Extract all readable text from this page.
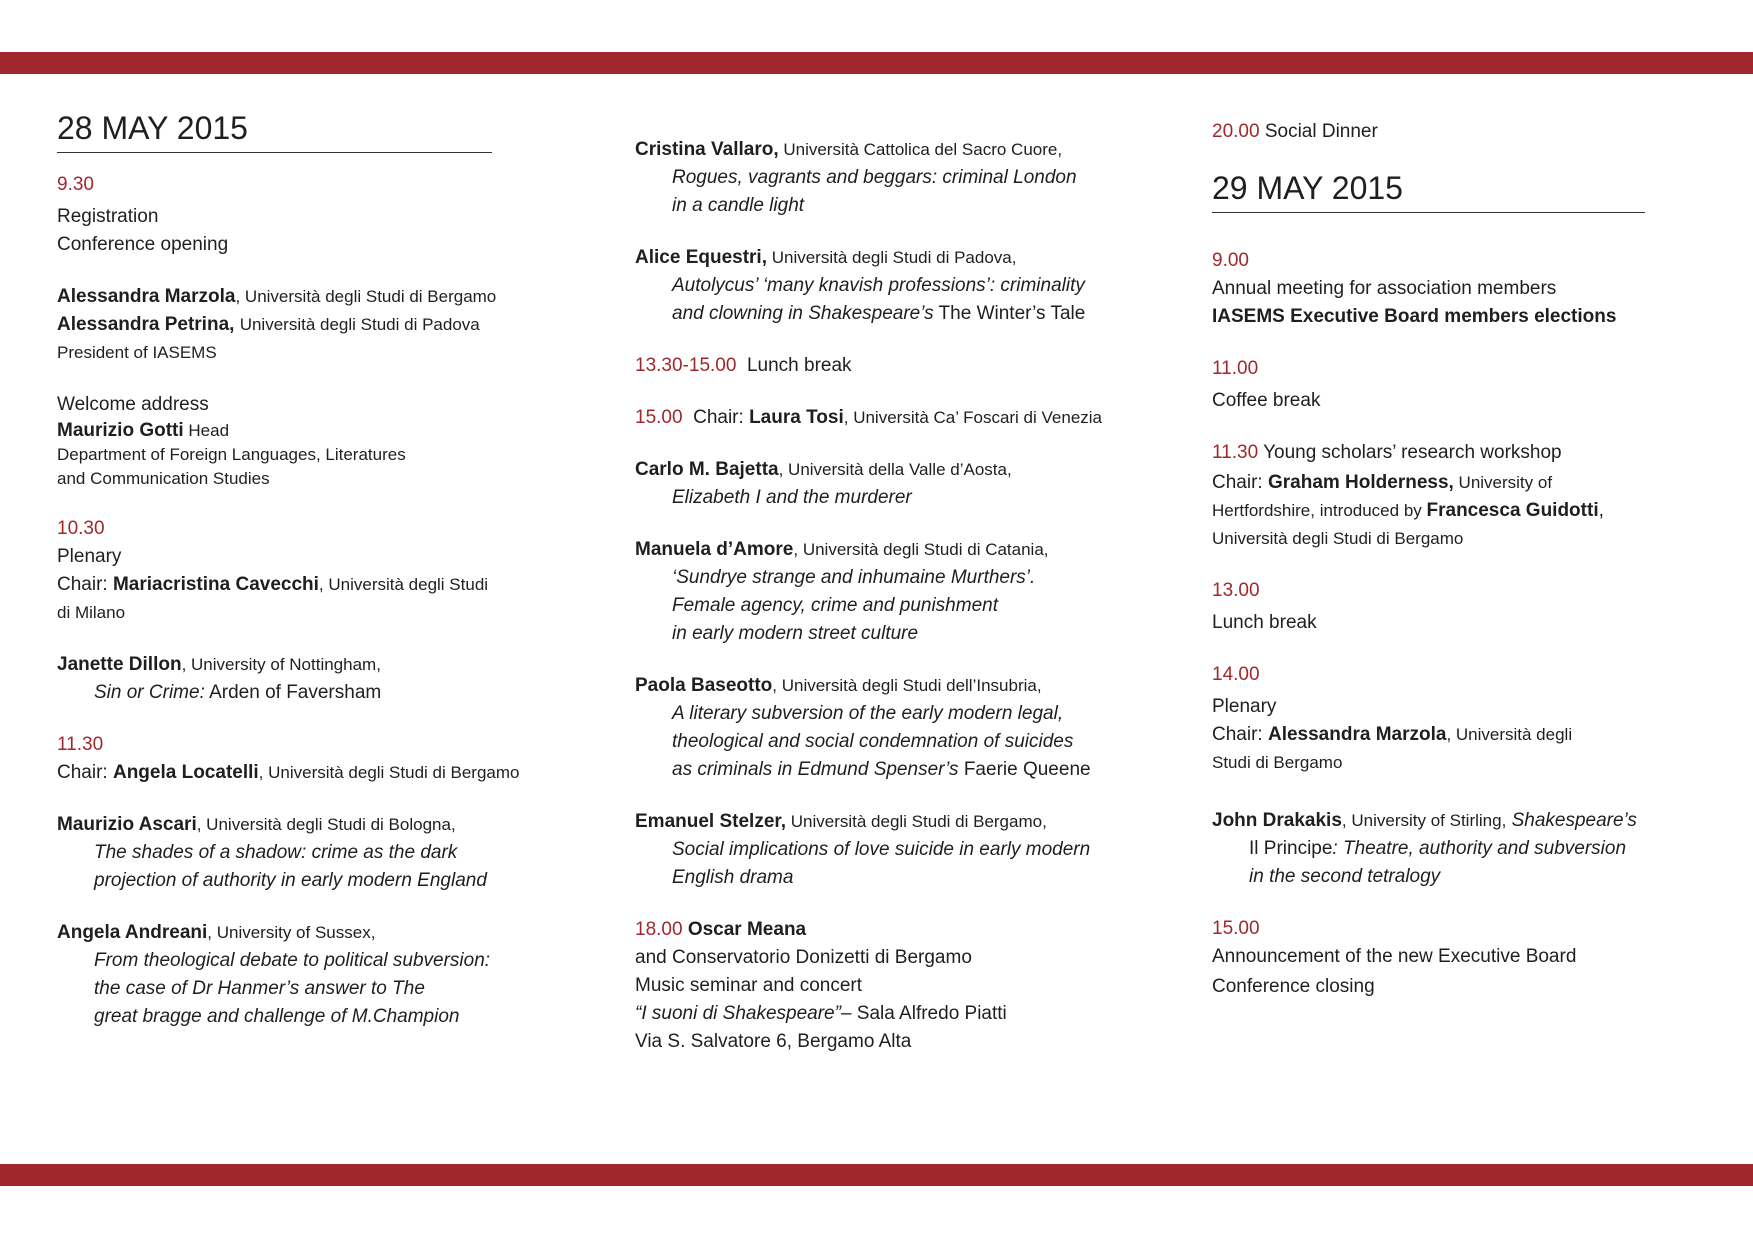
28 MAY 2015
9.30
Registration
Conference opening
Alessandra Marzola, Università degli Studi di Bergamo
Alessandra Petrina, Università degli Studi di Padova
President of IASEMS
Welcome address
Maurizio Gotti Head
Department of Foreign Languages, Literatures
and Communication Studies
10.30
Plenary
Chair: Mariacristina Cavecchi, Università degli Studi
di Milano
Janette Dillon, University of Nottingham,
Sin or Crime: Arden of Faversham
11.30
Chair: Angela Locatelli, Università degli Studi di Bergamo
Maurizio Ascari, Università degli Studi di Bologna,
The shades of a shadow: crime as the dark
projection of authority in early modern England
Angela Andreani, University of Sussex,
From theological debate to political subversion:
the case of Dr Hanmer’s answer to The
great bragge and challenge of M.Champion
Cristina Vallaro, Università Cattolica del Sacro Cuore,
Rogues, vagrants and beggars: criminal London
in a candle light
Alice Equestri, Università degli Studi di Padova,
Autolycus’ ‘many knavish professions’: criminality
and clowning in Shakespeare’s The Winter’s Tale
13.30-15.00  Lunch break
15.00  Chair: Laura Tosi, Università Ca’ Foscari di Venezia
Carlo M. Bajetta, Università della Valle d’Aosta,
Elizabeth I and the murderer
Manuela d’Amore, Università degli Studi di Catania,
‘Sundrye strange and inhumaine Murthers’.
Female agency, crime and punishment
in early modern street culture
Paola Baseotto, Università degli Studi dell’Insubria,
A literary subversion of the early modern legal,
theological and social condemnation of suicides
as criminals in Edmund Spenser’s Faerie Queene
Emanuel Stelzer, Università degli Studi di Bergamo,
Social implications of love suicide in early modern
English drama
18.00 Oscar Meana
and Conservatorio Donizetti di Bergamo
Music seminar and concert
“I suoni di Shakespeare”– Sala Alfredo Piatti
Via S. Salvatore 6, Bergamo Alta
20.00 Social Dinner
29 MAY 2015
9.00
Annual meeting for association members
IASEMS Executive Board members elections
11.00
Coffee break
11.30 Young scholars’ research workshop
Chair: Graham Holderness, University of
Hertfordshire, introduced by Francesca Guidotti,
Università degli Studi di Bergamo
13.00
Lunch break
14.00
Plenary
Chair: Alessandra Marzola, Università degli
Studi di Bergamo
John Drakakis, University of Stirling, Shakespeare’s
Il Principe: Theatre, authority and subversion
in the second tetralogy
15.00
Announcement of the new Executive Board
Conference closing
